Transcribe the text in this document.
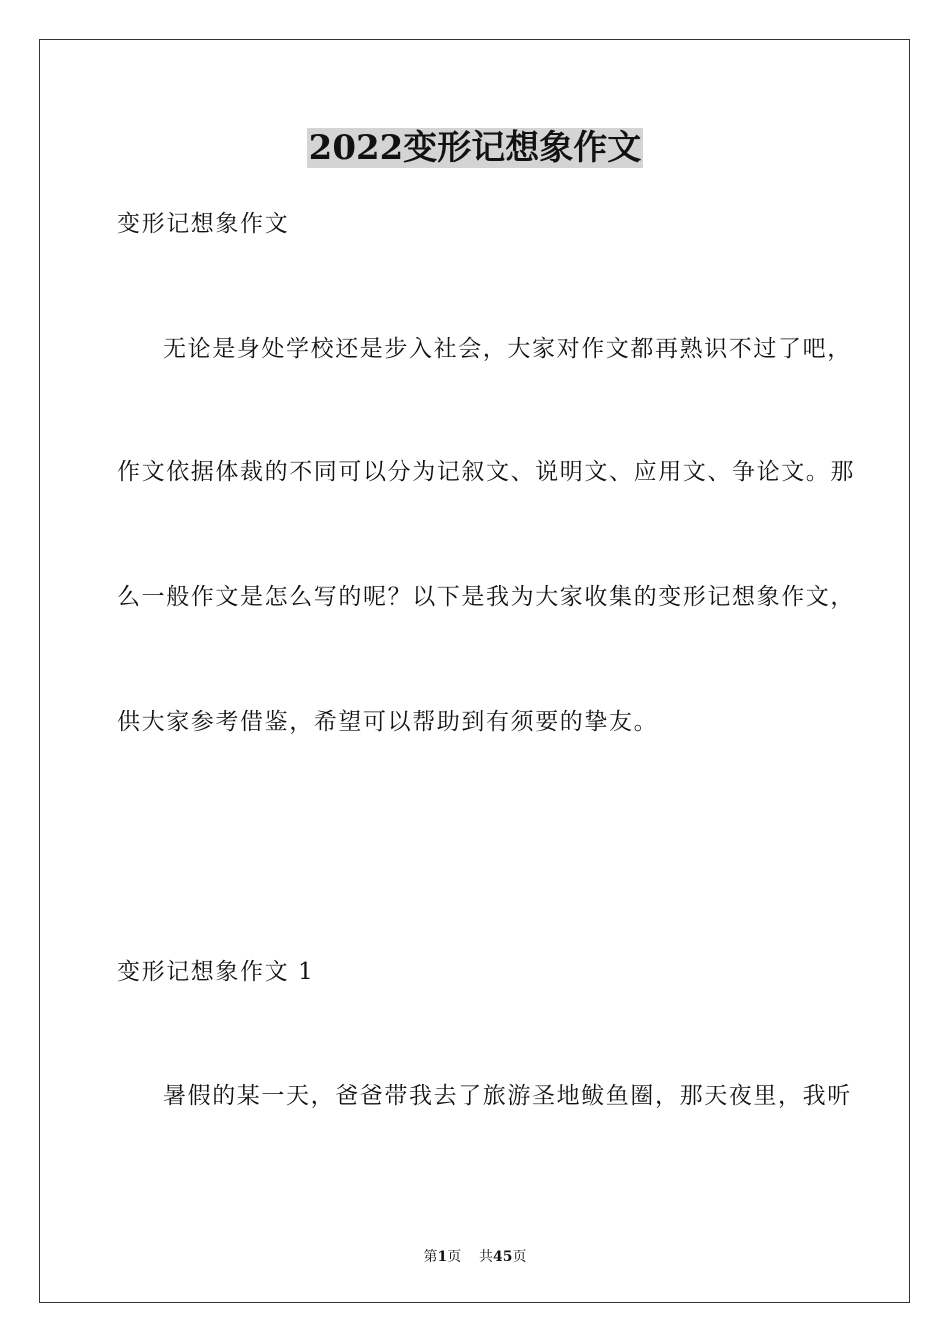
2022变形记想象作文
变形记想象作文
无论是身处学校还是步入社会，大家对作文都再熟识不过了吧，
作文依据体裁的不同可以分为记叙文、说明文、应用文、争论文。那
么一般作文是怎么写的呢？以下是我为大家收集的变形记想象作文，
供大家参考借鉴，希望可以帮助到有须要的挚友。
变形记想象作文 1
暑假的某一天，爸爸带我去了旅游圣地鲅鱼圈，那天夜里，我听
第1页 共45页
